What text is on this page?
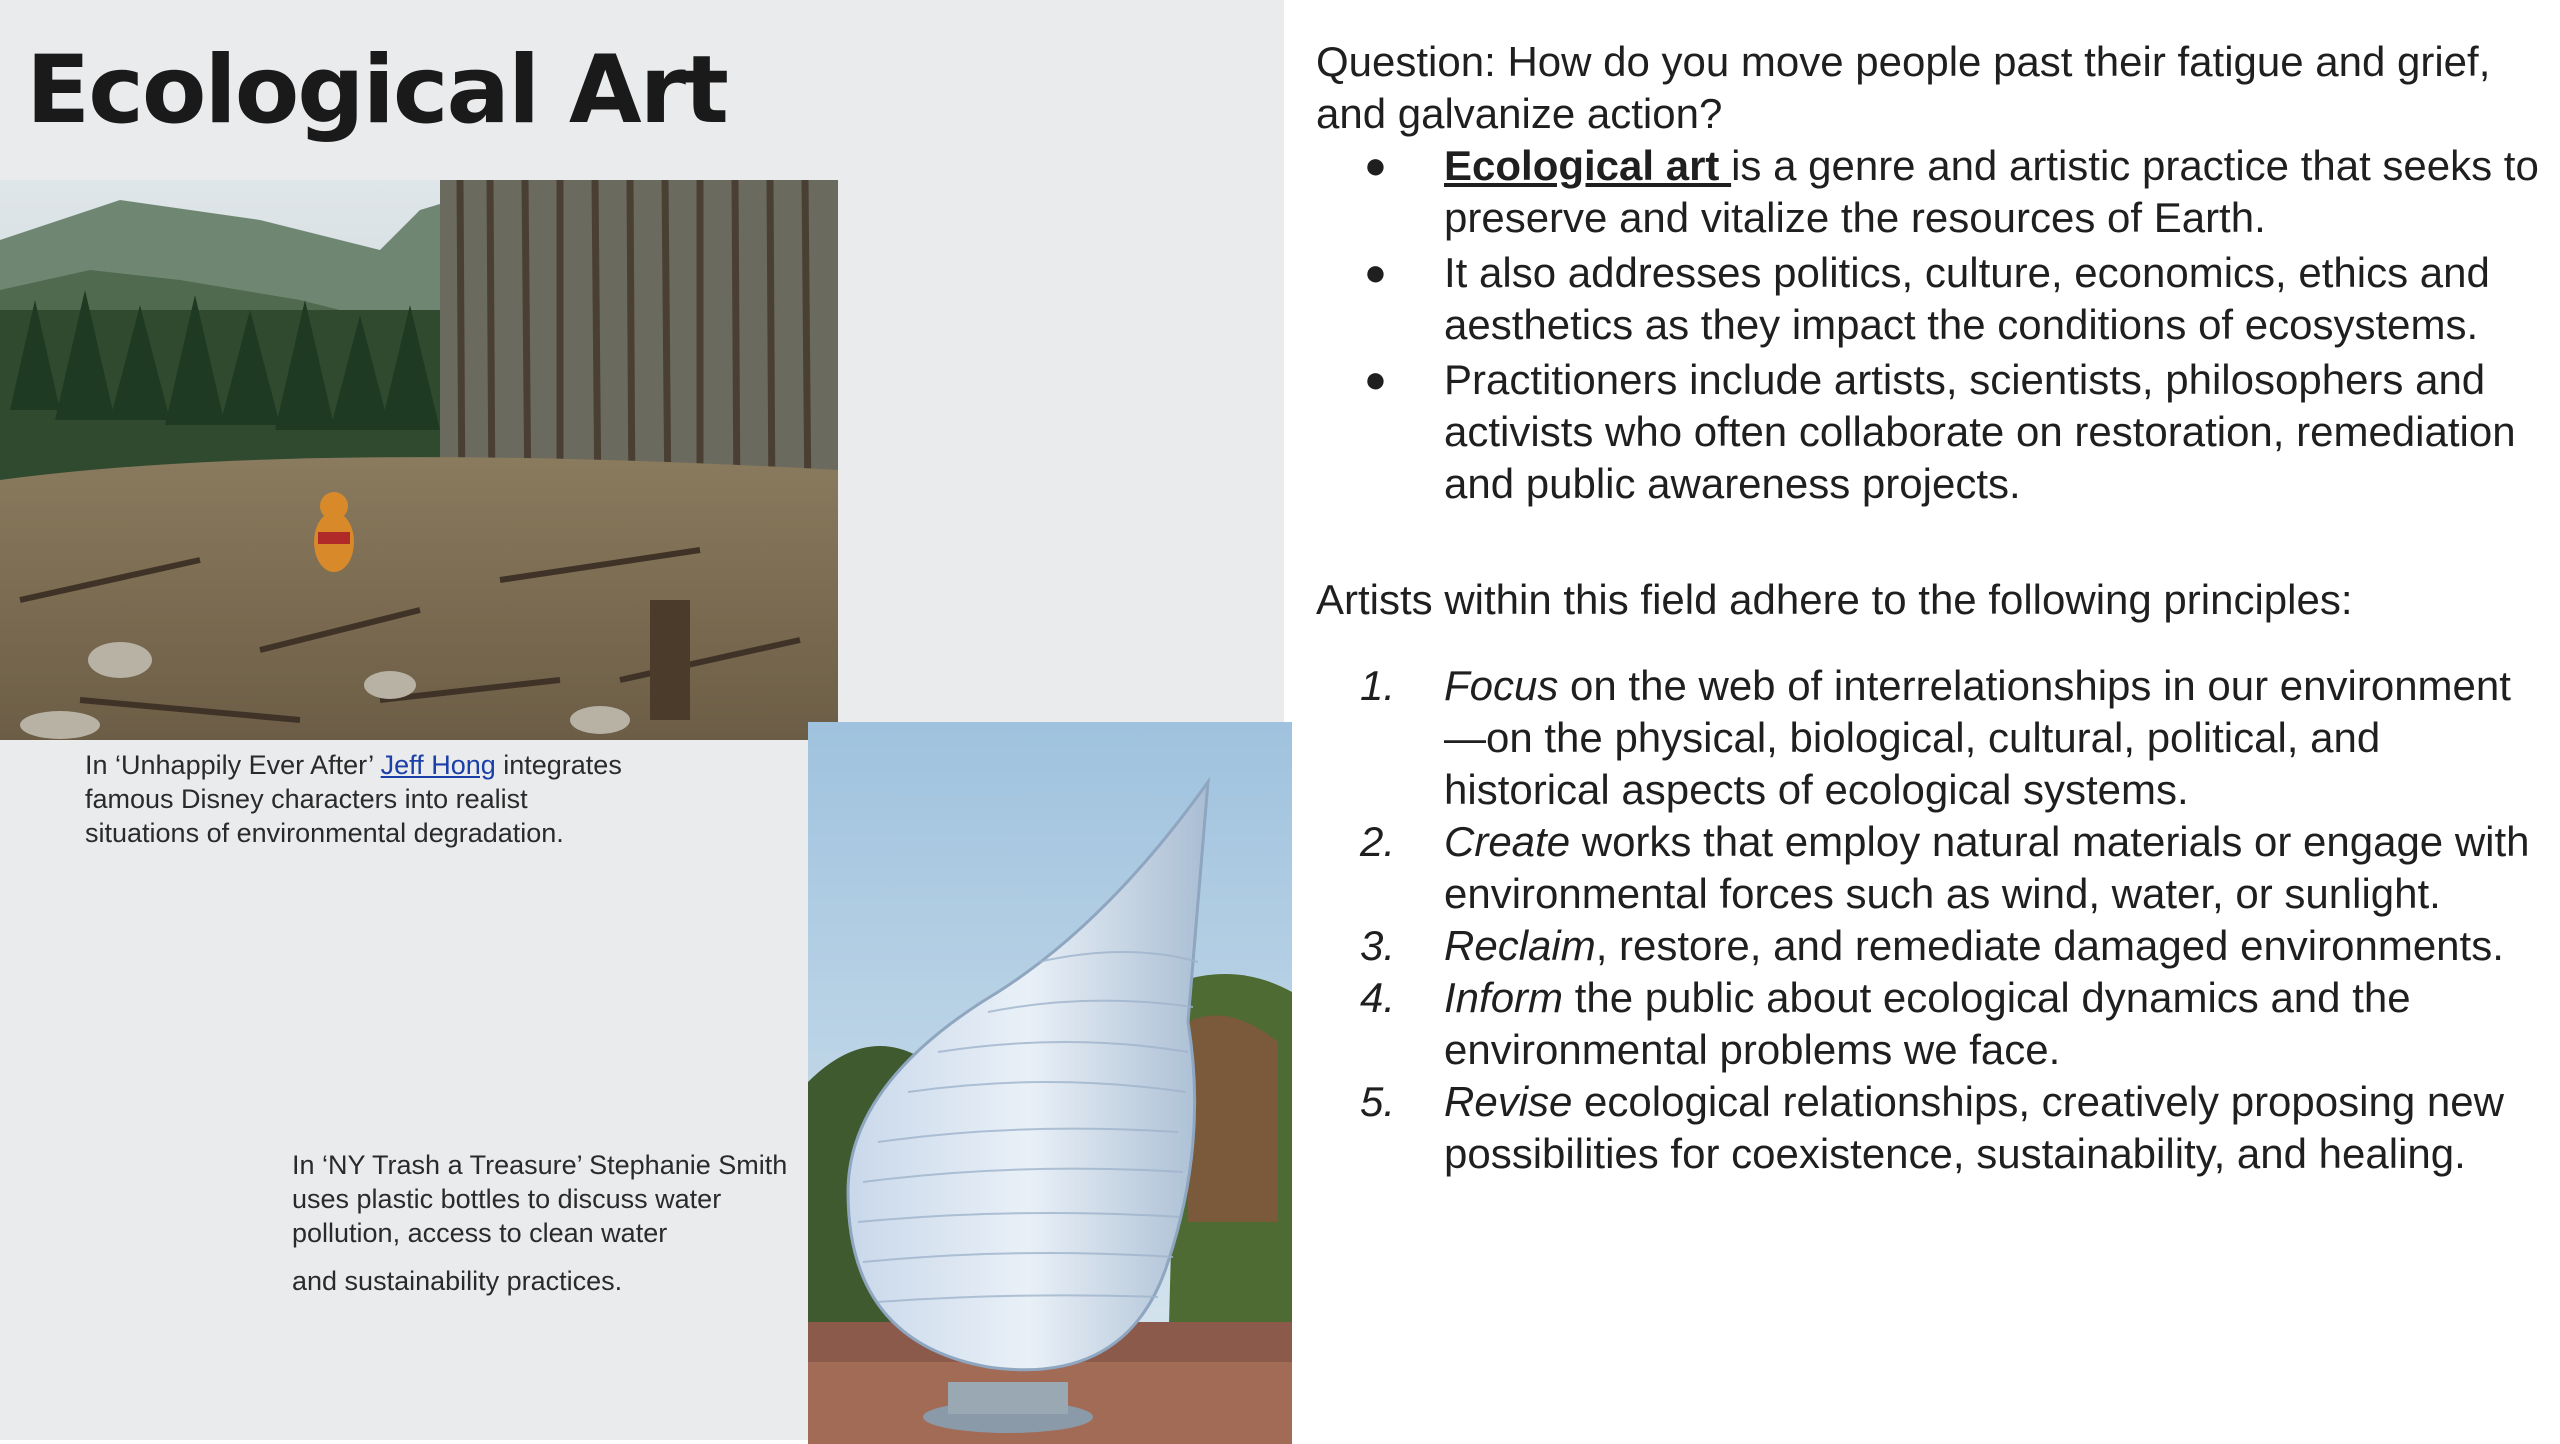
Ecological Art
In ‘Unhappily Ever After’ Jeff Hong integrates famous Disney characters into realist situations of environmental degradation.
In ‘NY Trash a Treasure’ Stephanie Smith uses plastic bottles to discuss water pollution, access to clean water
and sustainability practices.

Question: How do you move people past their fatigue and grief, and galvanize action?

● Ecological art is a genre and artistic practice that seeks to preserve and vitalize the resources of Earth.
● It also addresses politics, culture, economics, ethics and aesthetics as they impact the conditions of ecosystems.
● Practitioners include artists, scientists, philosophers and activists who often collaborate on restoration, remediation and public awareness projects.

Artists within this field adhere to the following principles:

1. Focus on the web of interrelationships in our environment—on the physical, biological, cultural, political, and historical aspects of ecological systems.
2. Create works that employ natural materials or engage with environmental forces such as wind, water, or sunlight.
3. Reclaim, restore, and remediate damaged environments.
4. Inform the public about ecological dynamics and the environmental problems we face.
5. Revise ecological relationships, creatively proposing new possibilities for coexistence, sustainability, and healing.
